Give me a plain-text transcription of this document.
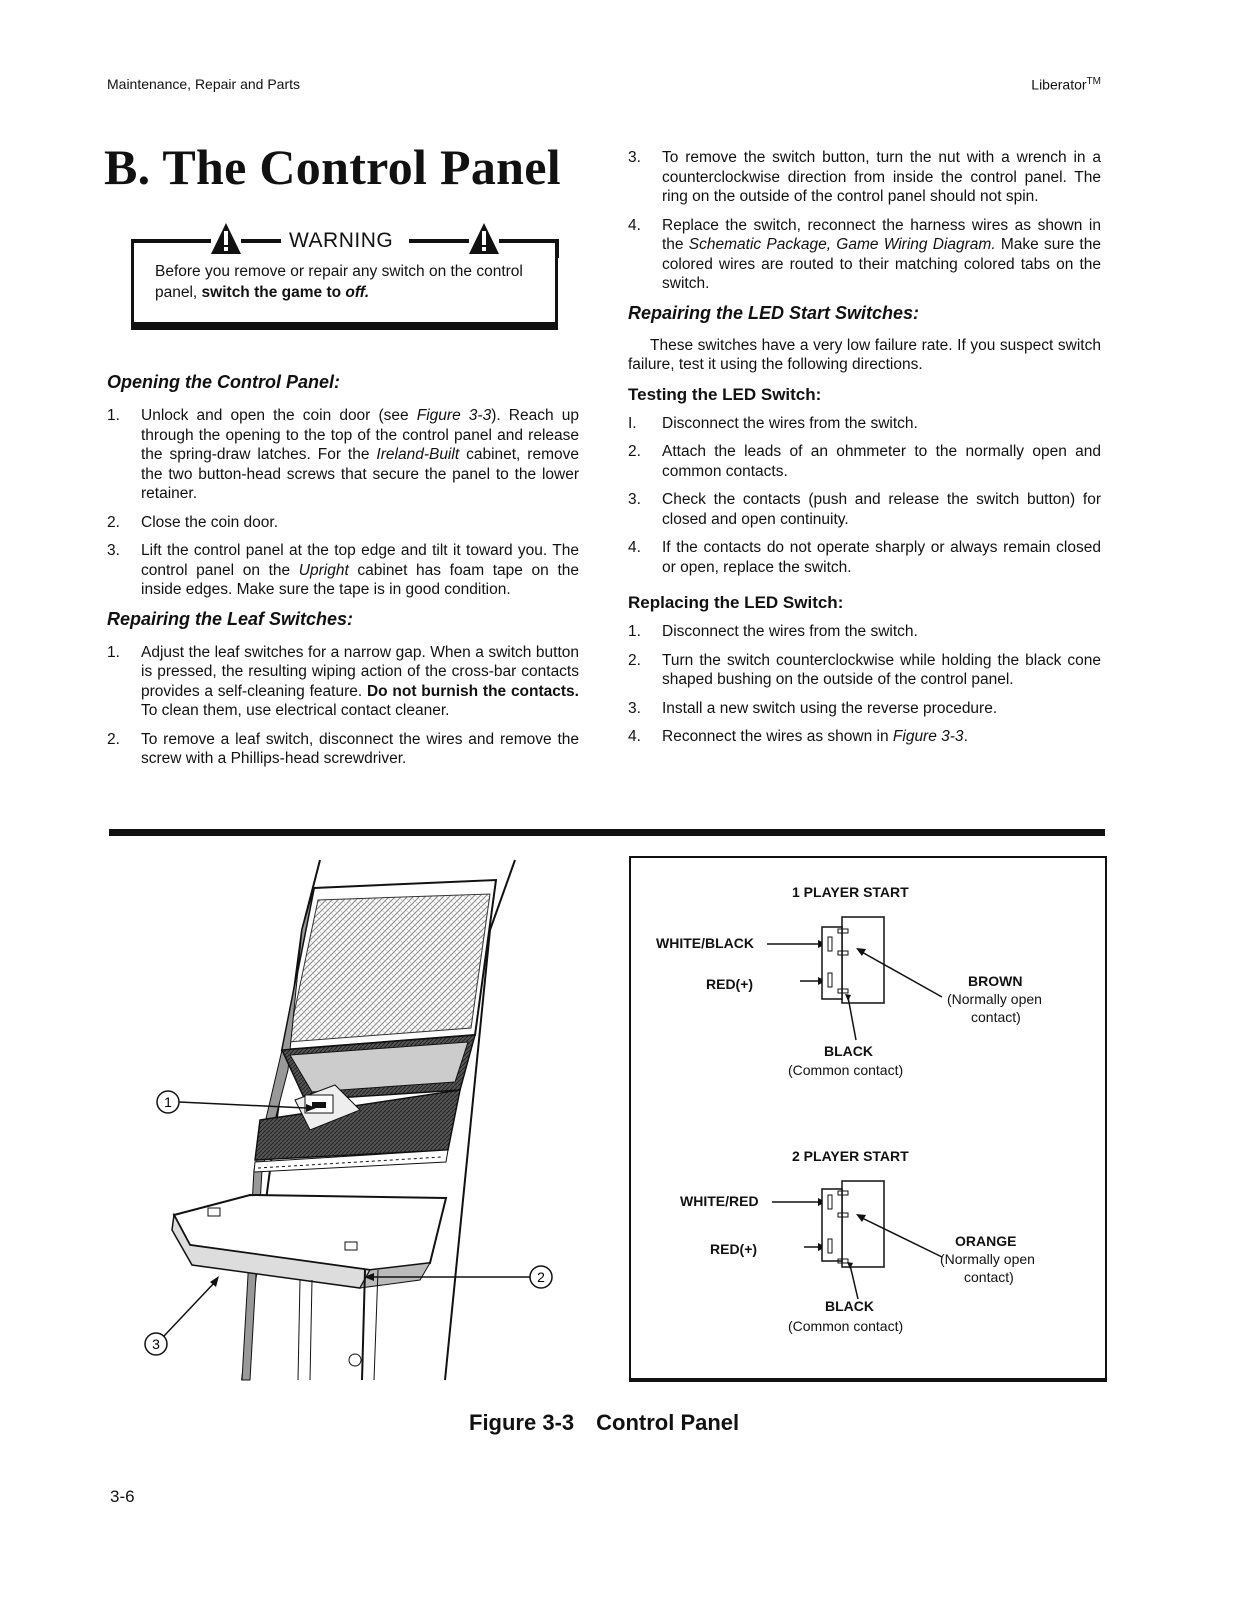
Maintenance, Repair and Parts	Liberator™
B. The Control Panel
WARNING
Before you remove or repair any switch on the control panel, switch the game to off.
Opening the Control Panel:
1. Unlock and open the coin door (see Figure 3-3). Reach up through the opening to the top of the control panel and release the spring-draw latches. For the Ireland-Built cabinet, remove the two button-head screws that secure the panel to the lower retainer.
2. Close the coin door.
3. Lift the control panel at the top edge and tilt it toward you. The control panel on the Upright cabinet has foam tape on the inside edges. Make sure the tape is in good condition.
Repairing the Leaf Switches:
1. Adjust the leaf switches for a narrow gap. When a switch button is pressed, the resulting wiping action of the cross-bar contacts provides a self-cleaning feature. Do not burnish the contacts. To clean them, use electrical contact cleaner.
2. To remove a leaf switch, disconnect the wires and remove the screw with a Phillips-head screwdriver.
3. To remove the switch button, turn the nut with a wrench in a counterclockwise direction from inside the control panel. The ring on the outside of the control panel should not spin.
4. Replace the switch, reconnect the harness wires as shown in the Schematic Package, Game Wiring Diagram. Make sure the colored wires are routed to their matching colored tabs on the switch.
Repairing the LED Start Switches:
These switches have a very low failure rate. If you suspect switch failure, test it using the following directions.
Testing the LED Switch:
I. Disconnect the wires from the switch.
2. Attach the leads of an ohmmeter to the normally open and common contacts.
3. Check the contacts (push and release the switch button) for closed and open continuity.
4. If the contacts do not operate sharply or always remain closed or open, replace the switch.
Replacing the LED Switch:
1. Disconnect the wires from the switch.
2. Turn the switch counterclockwise while holding the black cone shaped bushing on the outside of the control panel.
3. Install a new switch using the reverse procedure.
4. Reconnect the wires as shown in Figure 3-3.
1
2
3
1 PLAYER START
WHITE/BLACK
RED(+)	BROWN
(Normally open
contact)
BLACK
(Common contact)
2 PLAYER START
WHITE/RED
RED(+)	ORANGE
(Normally open
contact)
BLACK
(Common contact)
Figure 3-3 Control Panel
3-6
